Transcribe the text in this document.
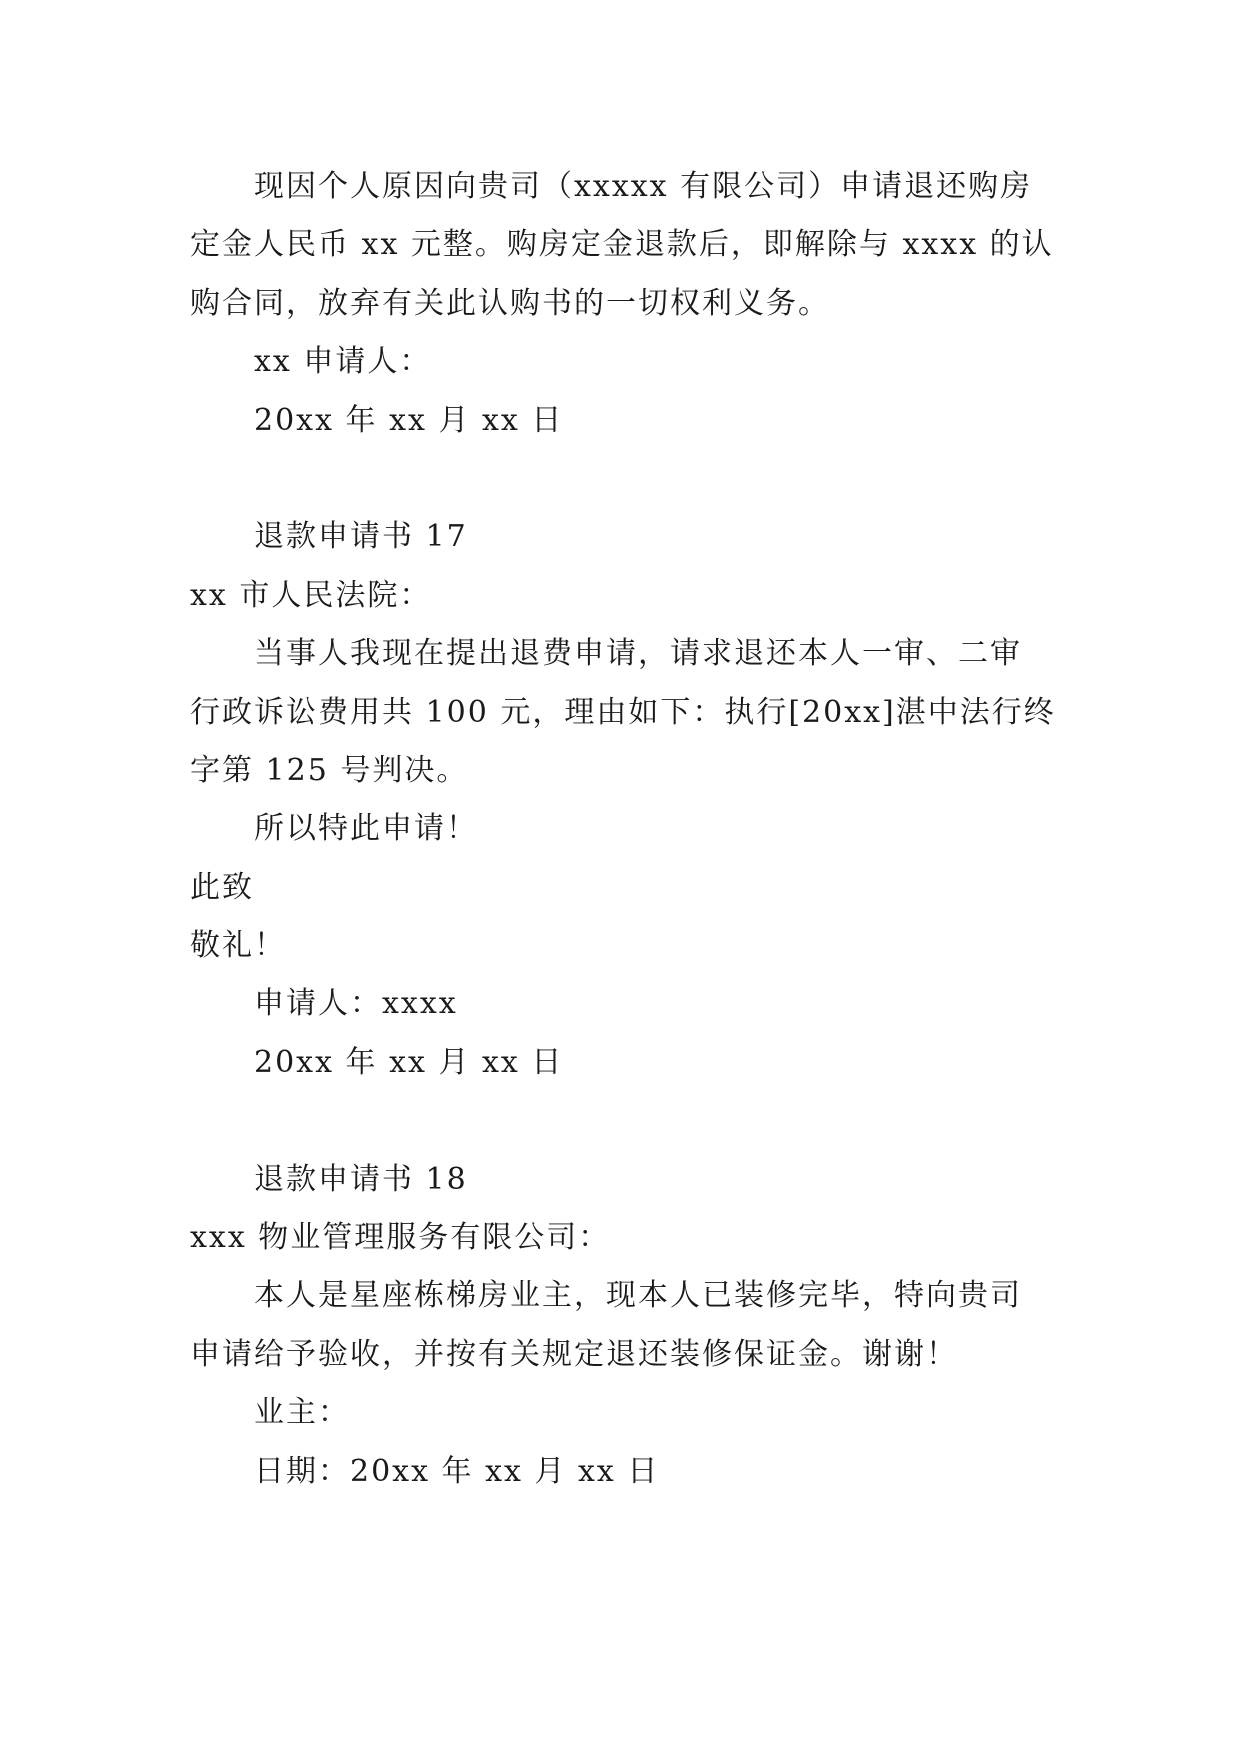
现因个人原因向贵司（xxxxx 有限公司）申请退还购房
定金人民币 xx 元整。购房定金退款后，即解除与 xxxx 的认
购合同，放弃有关此认购书的一切权利义务。
xx 申请人：
20xx 年 xx 月 xx 日
退款申请书 17
xx 市人民法院：
当事人我现在提出退费申请，请求退还本人一审、二审
行政诉讼费用共 100 元，理由如下：执行[20xx]湛中法行终
字第 125 号判决。
所以特此申请！
此致
敬礼！
申请人：xxxx
20xx 年 xx 月 xx 日
退款申请书 18
xxx 物业管理服务有限公司：
本人是星座栋梯房业主，现本人已装修完毕，特向贵司
申请给予验收，并按有关规定退还装修保证金。谢谢！
业主：
日期：20xx 年 xx 月 xx 日
